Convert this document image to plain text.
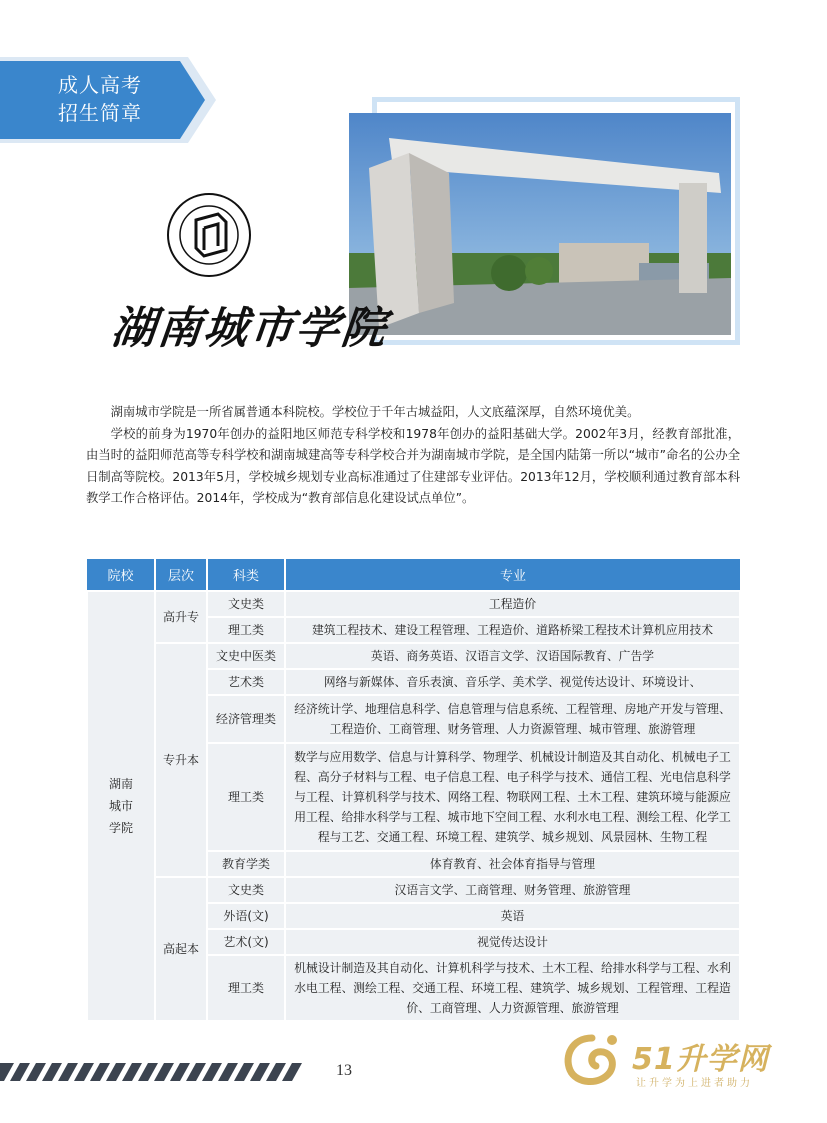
成人高考
招生简章
湖南城市学院

湖南城市学院是一所省属普通本科院校。学校位于千年古城益阳，人文底蕴深厚，自然环境优美。

学校的前身为1970年创办的益阳地区师范专科学校和1978年创办的益阳基础大学。2002年3月，经教育部批准，由当时的益阳师范高等专科学校和湖南城建高等专科学校合并为湖南城市学院，是全国内陆第一所以“城市”命名的公办全日制高等院校。2013年5月，学校城乡规划专业高标准通过了住建部专业评估。2013年12月，学校顺利通过教育部本科教学工作合格评估。2014年，学校成为“教育部信息化建设试点单位”。

院校	层次	科类	专业

湖南城市学院	高升专	文史类	工程造价
		理工类	建筑工程技术、建设工程管理、工程造价、道路桥梁工程技术计算机应用技术
	专升本	文史中医类	英语、商务英语、汉语言文学、汉语国际教育、广告学
		艺术类	网络与新媒体、音乐表演、音乐学、美术学、视觉传达设计、环境设计、
		经济管理类	经济统计学、地理信息科学、信息管理与信息系统、工程管理、房地产开发与管理、工程造价、工商管理、财务管理、人力资源管理、城市管理、旅游管理
		理工类	数学与应用数学、信息与计算科学、物理学、机械设计制造及其自动化、机械电子工程、高分子材料与工程、电子信息工程、电子科学与技术、通信工程、光电信息科学与工程、计算机科学与技术、网络工程、物联网工程、土木工程、建筑环境与能源应用工程、给排水科学与工程、城市地下空间工程、水利水电工程、测绘工程、化学工程与工艺、交通工程、环境工程、建筑学、城乡规划、风景园林、生物工程
		教育学类	体育教育、社会体育指导与管理
	高起本	文史类	汉语言文学、工商管理、财务管理、旅游管理
		外语(文)	英语
		艺术(文)	视觉传达设计
		理工类	机械设计制造及其自动化、计算机科学与技术、土木工程、给排水科学与工程、水利水电工程、测绘工程、交通工程、环境工程、建筑学、城乡规划、工程管理、工程造价、工商管理、人力资源管理、旅游管理
13	51升学网
让升学为上进者助力
